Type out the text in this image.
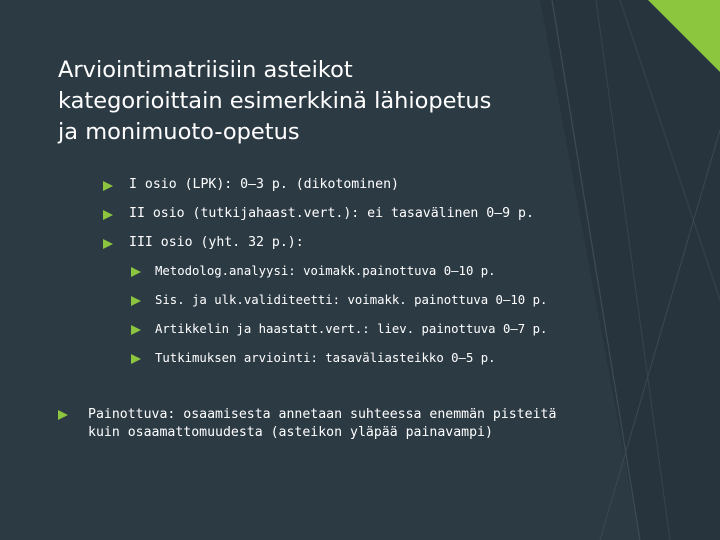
Arviointimatriisiin asteikot
kategorioittain esimerkkinä lähiopetus
ja monimuoto-opetus
I osio (LPK): 0–3 p. (dikotominen)
II osio (tutkijahaast.vert.): ei tasavälinen 0–9 p.
III osio (yht. 32 p.):
Metodolog.analyysi: voimakk.painottuva 0–10 p.
Sis. ja ulk.validiteetti: voimakk. painottuva 0–10 p.
Artikkelin ja haastatt.vert.: liev. painottuva 0–7 p.
Tutkimuksen arviointi: tasaväliasteikko 0–5 p.
Painottuva: osaamisesta annetaan suhteessa enemmän pisteitä
kuin osaamattomuudesta (asteikon yläpää painavampi)
